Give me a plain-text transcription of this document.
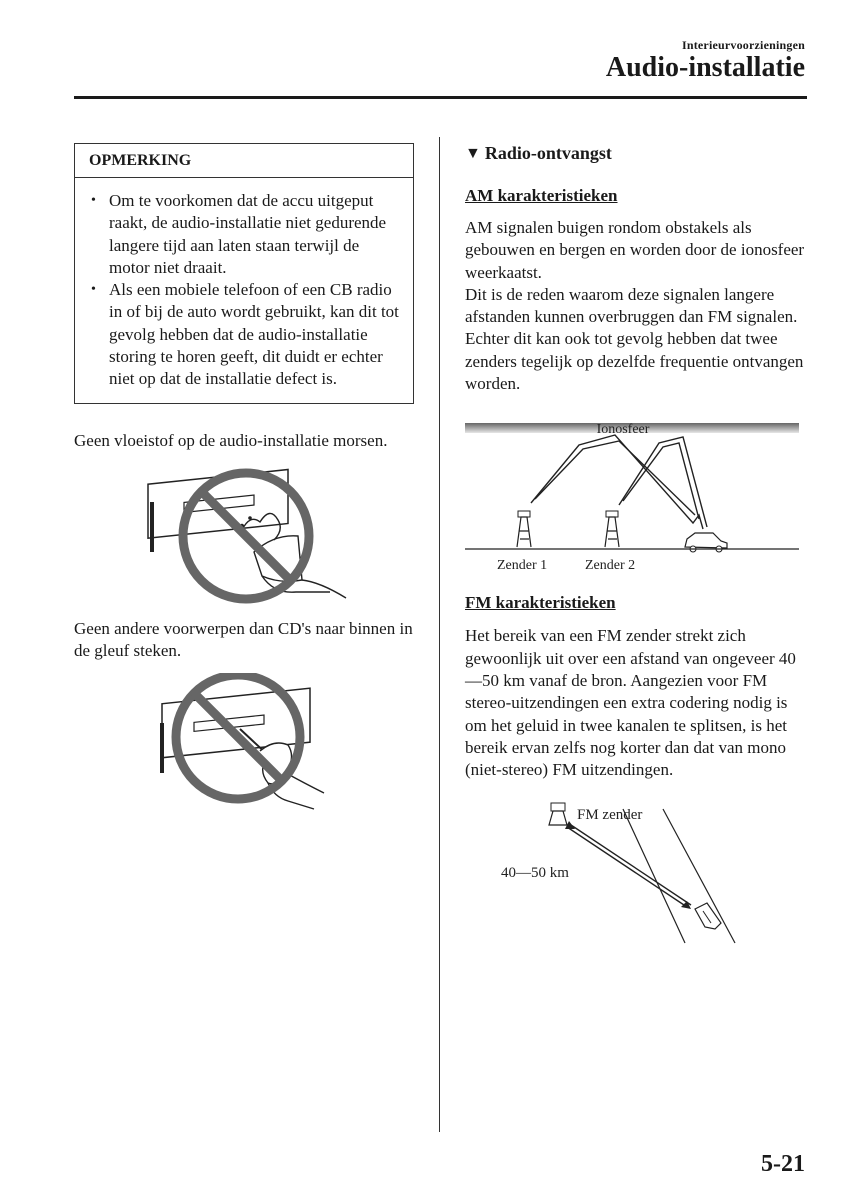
Interieurvoorzieningen
Audio-installatie
OPMERKING
• Om te voorkomen dat de accu uitgeput raakt, de audio-installatie niet gedurende langere tijd aan laten staan terwijl de motor niet draait.
• Als een mobiele telefoon of een CB radio in of bij de auto wordt gebruikt, kan dit tot gevolg hebben dat de audio-installatie storing te horen geeft, dit duidt er echter niet op dat de installatie defect is.

Geen vloeistof op de audio-installatie morsen.

Geen andere voorwerpen dan CD's naar binnen in de gleuf steken.

▼ Radio-ontvangst

AM karakteristieken

AM signalen buigen rondom obstakels als gebouwen en bergen en worden door de ionosfeer weerkaatst.

Dit is de reden waarom deze signalen langere afstanden kunnen overbruggen dan FM signalen.

Echter dit kan ook tot gevolg hebben dat twee zenders tegelijk op dezelfde frequentie ontvangen worden.

Ionosfeer
Zender 1	Zender 2

FM karakteristieken

Het bereik van een FM zender strekt zich gewoonlijk uit over een afstand van ongeveer 40—50 km vanaf de bron. Aangezien voor FM stereo-uitzendingen een extra codering nodig is om het geluid in twee kanalen te splitsen, is het bereik ervan zelfs nog korter dan dat van mono (niet-stereo) FM uitzendingen.

FM zender
40—50 km
5-21
